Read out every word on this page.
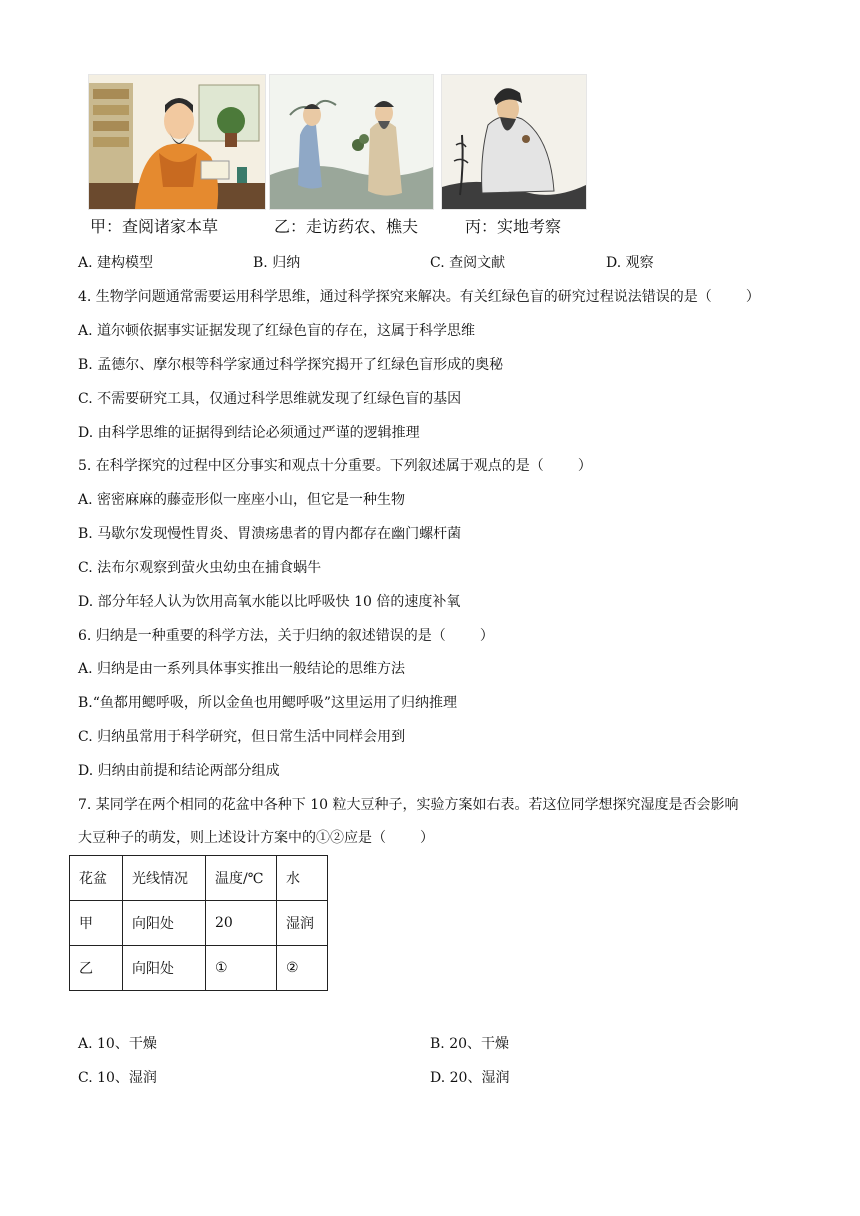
甲：查阅诸家本草	乙：走访药农、樵夫	丙：实地考察
A. 建构模型	B. 归纳	C. 查阅文献	D. 观察
4. 生物学问题通常需要运用科学思维，通过科学探究来解决。有关红绿色盲的研究过程说法错误的是（ ）
A. 道尔顿依据事实证据发现了红绿色盲的存在，这属于科学思维
B. 孟德尔、摩尔根等科学家通过科学探究揭开了红绿色盲形成的奥秘
C. 不需要研究工具，仅通过科学思维就发现了红绿色盲的基因
D. 由科学思维的证据得到结论必须通过严谨的逻辑推理
5. 在科学探究的过程中区分事实和观点十分重要。下列叙述属于观点的是（ ）
A. 密密麻麻的藤壶形似一座座小山，但它是一种生物
B. 马歇尔发现慢性胃炎、胃溃疡患者的胃内都存在幽门螺杆菌
C. 法布尔观察到萤火虫幼虫在捕食蜗牛
D. 部分年轻人认为饮用高氧水能以比呼吸快 10 倍的速度补氧
6. 归纳是一种重要的科学方法，关于归纳的叙述错误的是（ ）
A. 归纳是由一系列具体事实推出一般结论的思维方法
B.“鱼都用鳃呼吸，所以金鱼也用鳃呼吸”这里运用了归纳推理
C. 归纳虽常用于科学研究，但日常生活中同样会用到
D. 归纳由前提和结论两部分组成
7. 某同学在两个相同的花盆中各种下 10 粒大豆种子，实验方案如右表。若这位同学想探究湿度是否会影响
大豆种子的萌发，则上述设计方案中的①②应是（ ）
花盆	光线情况	温度/℃	水
甲	向阳处	20	湿润
乙	向阳处	①	②
A. 10、干燥	B. 20、干燥
C. 10、湿润	D. 20、湿润
